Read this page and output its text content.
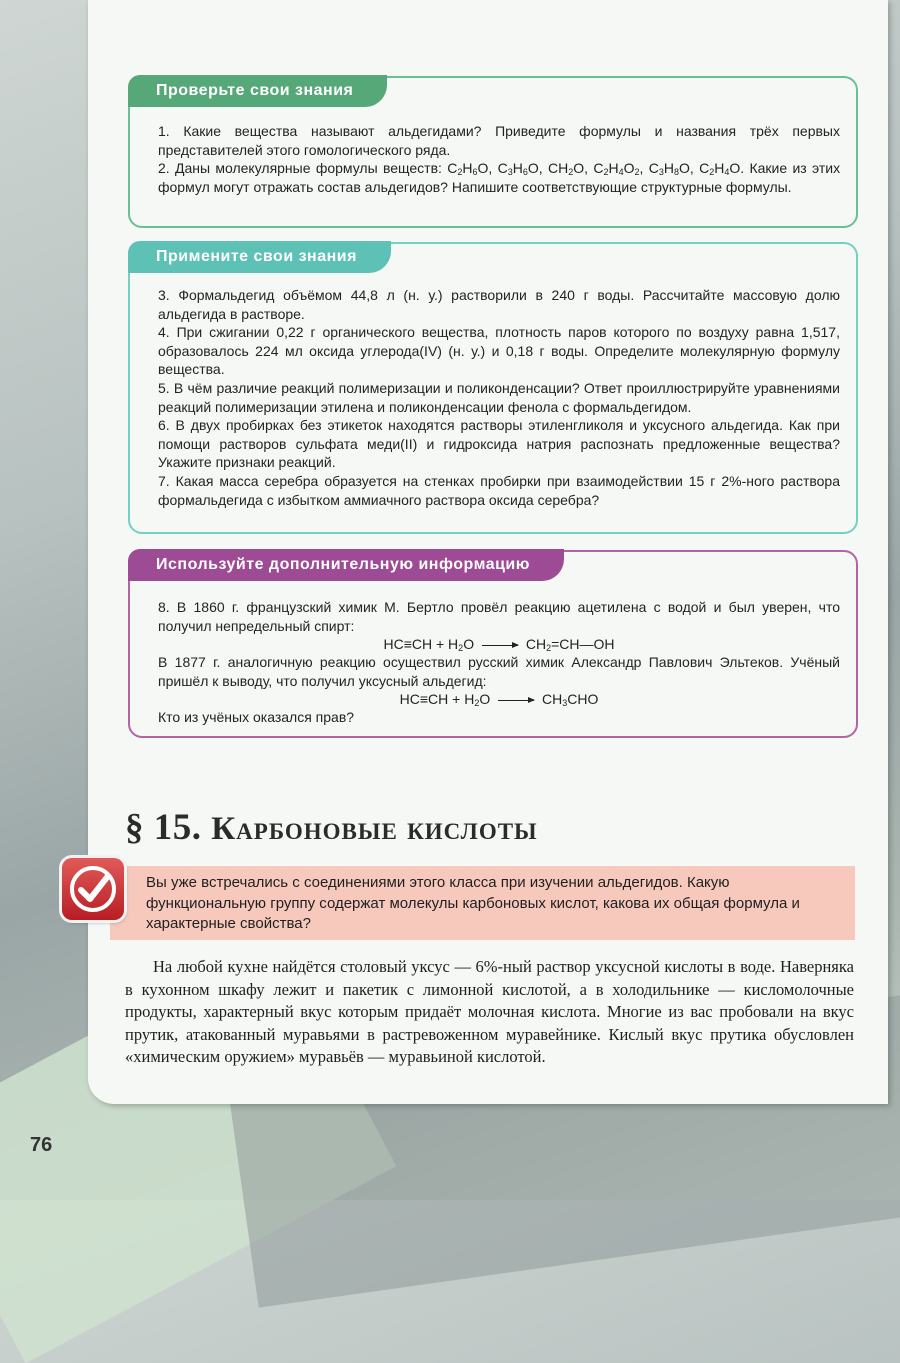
Проверьте свои знания

1. Какие вещества называют альдегидами? Приведите формулы и названия трёх первых представителей этого гомологического ряда.

2. Даны молекулярные формулы веществ: $C_2H_6O$, $C_3H_6O$, $CH_2O$, $C_2H_4O_2$, $C_3H_8O$, $C_2H_4O$. Какие из этих формул могут отражать состав альдегидов? Напишите соответствующие структурные формулы.

Примените свои знания

3. Формальдегид объёмом 44,8 л (н. у.) растворили в 240 г воды. Рассчитайте массовую долю альдегида в растворе.

4. При сжигании 0,22 г органического вещества, плотность паров которого по воздуху равна 1,517, образовалось 224 мл оксида углерода(IV) (н. у.) и 0,18 г воды. Определите молекулярную формулу вещества.

5. В чём различие реакций полимеризации и поликонденсации? Ответ проиллюстрируйте уравнениями реакций полимеризации этилена и поликонденсации фенола с формальдегидом.

6. В двух пробирках без этикеток находятся растворы этиленгликоля и уксусного альдегида. Как при помощи растворов сульфата меди(II) и гидроксида натрия распознать предложенные вещества? Укажите признаки реакций.

7. Какая масса серебра образуется на стенках пробирки при взаимодействии 15 г 2%-ного раствора формальдегида с избытком аммиачного раствора оксида серебра?

Используйте дополнительную информацию

8. В 1860 г. французский химик М. Бертло провёл реакцию ацетилена с водой и был уверен, что получил непредельный спирт:

$HC\equiv CH + H_2O$ → $CH_2=CH—OH$

В 1877 г. аналогичную реакцию осуществил русский химик Александр Павлович Эльтеков. Учёный пришёл к выводу, что получил уксусный альдегид:

$HC\equiv CH + H_2O \to CH_3CHO$

Кто из учёных оказался прав?

§ 15. Карбоновые кислоты
Вы уже встречались с соединениями этого класса при изучении альдегидов. Какую функциональную группу содержат молекулы карбоновых кислот, какова их общая формула и характерные свойства?
На любой кухне найдётся столовый уксус — 6%-ный раствор уксусной кислоты в воде. Наверняка в кухонном шкафу лежит и пакетик с лимонной кислотой, а в холодильнике — кисломолочные продукты, характерный вкус которым придаёт молочная кислота. Многие из вас пробовали на вкус прутик, атакованный муравьями в растревоженном муравейнике. Кислый вкус прутика обусловлен «химическим оружием» муравьёв — муравьиной кислотой.
76
